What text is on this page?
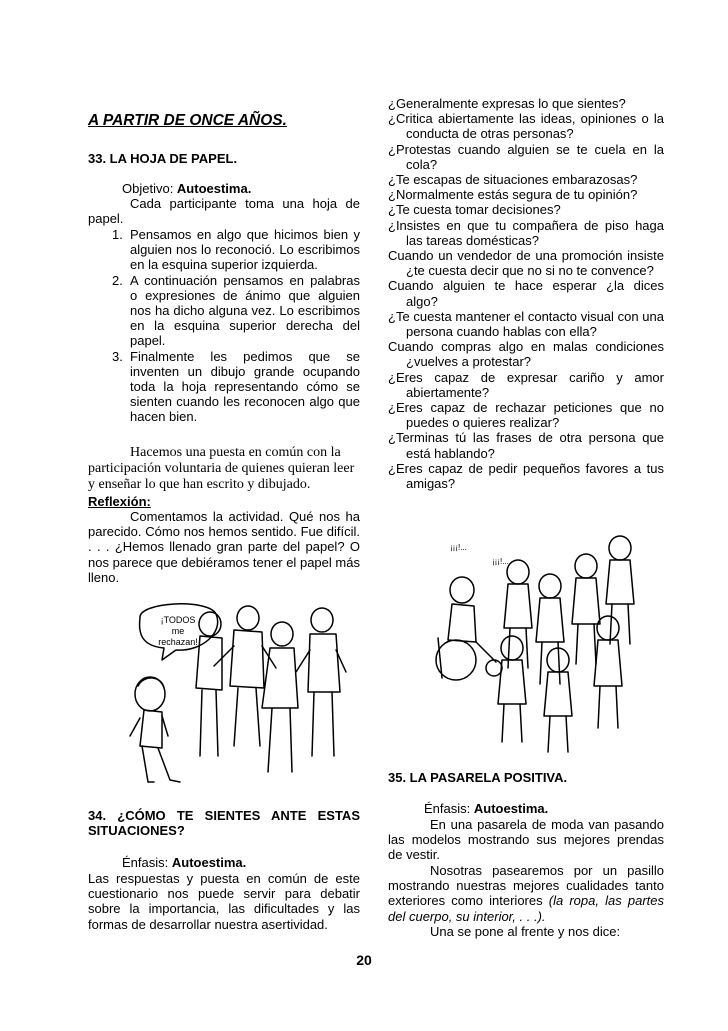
A PARTIR DE ONCE AÑOS.
33. LA HOJA DE PAPEL.
Objetivo: Autoestima.
Cada participante toma una hoja de papel.
1. Pensamos en algo que hicimos bien y alguien nos lo reconoció. Lo escribimos en la esquina superior izquierda.
2. A continuación pensamos en palabras o expresiones de ánimo que alguien nos ha dicho alguna vez. Lo escribimos en la esquina superior derecha del papel.
3. Finalmente les pedimos que se inventen un dibujo grande ocupando toda la hoja representando cómo se sienten cuando les reconocen algo que hacen bien.
Hacemos una puesta en común con la participación voluntaria de quienes quieran leer y enseñar lo que han escrito y dibujado.
Reflexión:
Comentamos la actividad. Qué nos ha parecido. Cómo nos hemos sentido. Fue difícil. . . . ¿Hemos llenado gran parte del papel? O nos parece que debiéramos tener el papel más lleno.
¡TODOS
me
rechazan!
34. ¿CÓMO TE SIENTES ANTE ESTAS SITUACIONES?
Énfasis: Autoestima.
Las respuestas y puesta en común de este cuestionario nos puede servir para debatir sobre la importancia, las dificultades y las formas de desarrollar nuestra asertividad.
¿Generalmente expresas lo que sientes?
¿Critica abiertamente las ideas, opiniones o la conducta de otras personas?
¿Protestas cuando alguien se te cuela en la cola?
¿Te escapas de situaciones embarazosas?
¿Normalmente estás segura de tu opinión?
¿Te cuesta tomar decisiones?
¿Insistes en que tu compañera de piso haga las tareas domésticas?
Cuando un vendedor de una promoción insiste ¿te cuesta decir que no si no te convence?
Cuando alguien te hace esperar ¿la dices algo?
¿Te cuesta mantener el contacto visual con una persona cuando hablas con ella?
Cuando compras algo en malas condiciones ¿vuelves a protestar?
¿Eres capaz de expresar cariño y amor abiertamente?
¿Eres capaz de rechazar peticiones que no puedes o quieres realizar?
¿Terminas tú las frases de otra persona que está hablando?
¿Eres capaz de pedir pequeños favores a tus amigas?
¡¡¡!...
¡¡¡!...
35. LA PASARELA POSITIVA.
Énfasis: Autoestima.
En una pasarela de moda van pasando las modelos mostrando sus mejores prendas de vestir.
Nosotras pasearemos por un pasillo mostrando nuestras mejores cualidades tanto exteriores como interiores (la ropa, las partes del cuerpo, su interior, . . .).
Una se pone al frente y nos dice:
20
